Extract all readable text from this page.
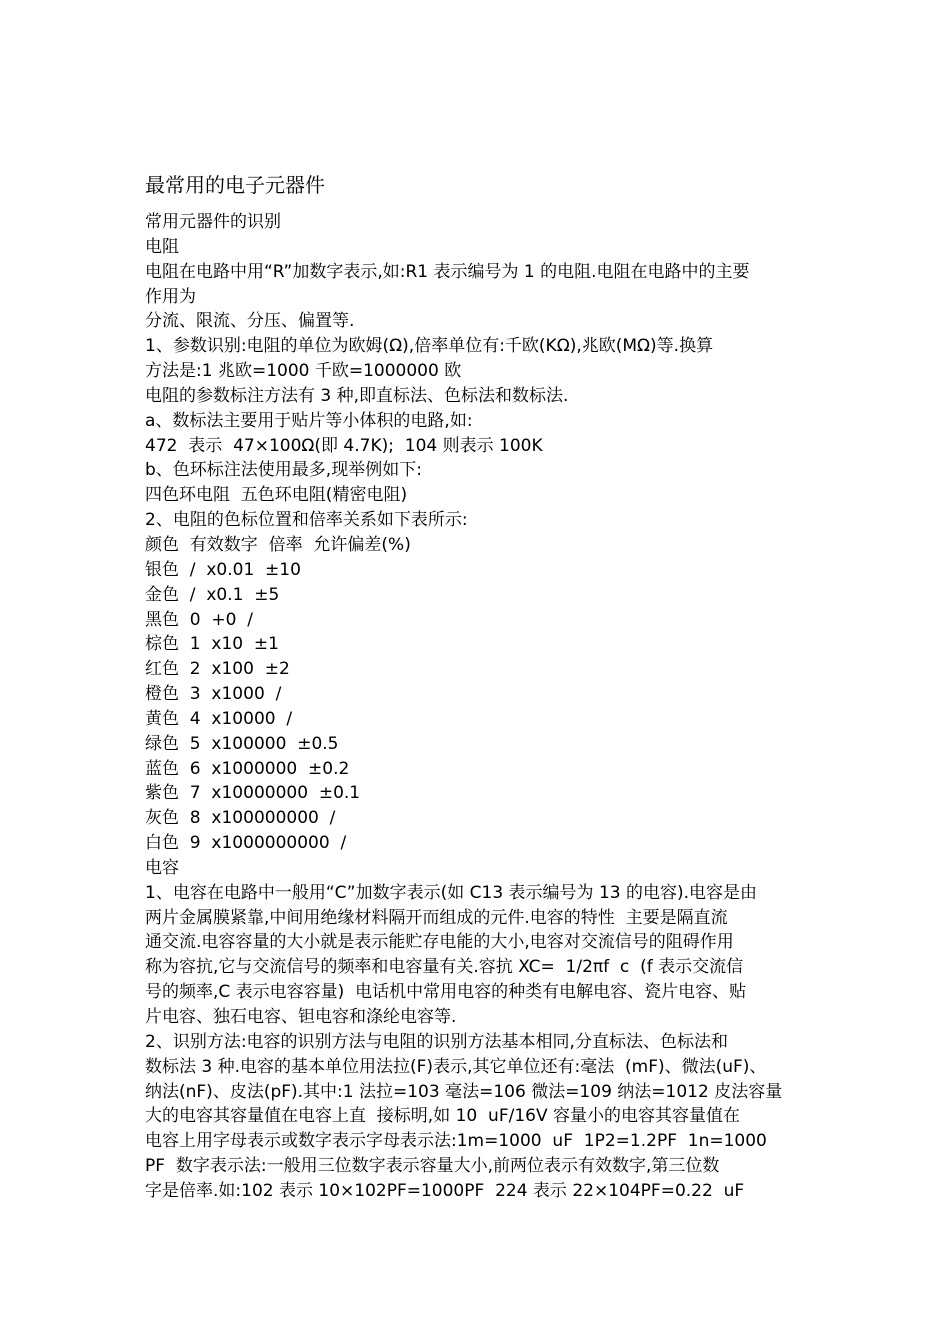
最常用的电子元器件
常用元器件的识别
电阻
电阻在电路中用“R”加数字表示,如:R1 表示编号为 1 的电阻.电阻在电路中的主要
作用为
分流、限流、分压、偏置等.
1、参数识别:电阻的单位为欧姆(Ω),倍率单位有:千欧(KΩ),兆欧(MΩ)等.换算
方法是:1 兆欧=1000 千欧=1000000 欧
电阻的参数标注方法有 3 种,即直标法、色标法和数标法.
a、数标法主要用于贴片等小体积的电路,如:
472  表示  47×100Ω(即 4.7K);  104 则表示 100K
b、色环标注法使用最多,现举例如下:
四色环电阻  五色环电阻(精密电阻)
2、电阻的色标位置和倍率关系如下表所示:
颜色  有效数字  倍率  允许偏差(%)
银色  /  x0.01  ±10
金色  /  x0.1  ±5
黑色  0  +0  /
棕色  1  x10  ±1
红色  2  x100  ±2
橙色  3  x1000  /
黄色  4  x10000  /
绿色  5  x100000  ±0.5
蓝色  6  x1000000  ±0.2
紫色  7  x10000000  ±0.1
灰色  8  x100000000  /
白色  9  x1000000000  /
电容
1、电容在电路中一般用“C”加数字表示(如 C13 表示编号为 13 的电容).电容是由
两片金属膜紧靠,中间用绝缘材料隔开而组成的元件.电容的特性  主要是隔直流
通交流.电容容量的大小就是表示能贮存电能的大小,电容对交流信号的阻碍作用
称为容抗,它与交流信号的频率和电容量有关.容抗 XC=  1/2πf  c  (f 表示交流信
号的频率,C 表示电容容量)  电话机中常用电容的种类有电解电容、瓷片电容、贴
片电容、独石电容、钽电容和涤纶电容等.
2、识别方法:电容的识别方法与电阻的识别方法基本相同,分直标法、色标法和
数标法 3 种.电容的基本单位用法拉(F)表示,其它单位还有:毫法  (mF)、微法(uF)、
纳法(nF)、皮法(pF).其中:1 法拉=103 毫法=106 微法=109 纳法=1012 皮法容量
大的电容其容量值在电容上直  接标明,如 10  uF/16V 容量小的电容其容量值在
电容上用字母表示或数字表示字母表示法:1m=1000  uF  1P2=1.2PF  1n=1000
PF  数字表示法:一般用三位数字表示容量大小,前两位表示有效数字,第三位数
字是倍率.如:102 表示 10×102PF=1000PF  224 表示 22×104PF=0.22  uF
